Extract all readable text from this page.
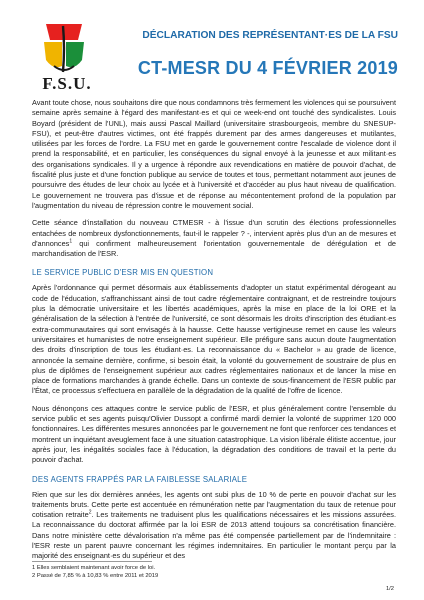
F.S.U.
DÉCLARATION DES REPRÉSENTANT·ES DE LA FSU
CT-MESR DU 4 FÉVRIER 2019

Avant toute chose, nous souhaitons dire que nous condamnons très fermement les violences qui se poursuivent semaine après semaine à l'égard des manifestant·es et qui ce week-end ont touché des syndicalistes. Louis Boyard (président de l'UNL), mais aussi Pascal Maillard (universitaire strasbourgeois, membre du SNESUP-FSU), et peut-être d'autres victimes, ont été frappés durement par des armes dangereuses et mutilantes, utilisées par les forces de l'ordre. La FSU met en garde le gouvernement contre l'escalade de violence dont il prend la responsabilité, et en particulier, les conséquences du signal envoyé à la jeunesse et aux militant·es des organisations syndicales. Il y a urgence à répondre aux revendications en matière de pouvoir d'achat, de fiscalité plus juste et d'une fonction publique au service de toutes et tous, permettant notamment aux jeunes de poursuivre des études de leur choix au lycée et à l'université et d'accéder au plus haut niveau de qualification. Le gouvernement ne trouvera pas d'issue et de réponse au mécontentement profond de la population par l'augmentation du niveau de répression contre le mouvement social.

Cette séance d'installation du nouveau CTMESR - à l'issue d'un scrutin des élections professionnelles entachées de nombreux dysfonctionnements, faut-il le rappeler ? -, intervient après plus d'un an de mesures et d'annonces$^1$ qui confirment malheureusement l'orientation gouvernementale de dérégulation et de marchandisation de l'ESR.

LE SERVICE PUBLIC D'ESR MIS EN QUESTION

Après l'ordonnance qui permet désormais aux établissements d'adopter un statut expérimental dérogeant au code de l'éducation, s'affranchissant ainsi de tout cadre réglementaire contraignant, et de restreindre toujours plus la démocratie universitaire et les libertés académiques, après la mise en place de la loi ORE et la généralisation de la sélection à l'entrée de l'université, ce sont désormais les droits d'inscription des étudiant·es extra-communautaires qui sont envisagés à la hausse. Cette hausse vertigineuse remet en cause les valeurs universitaires et humanistes de notre enseignement supérieur. Elle préfigure sans aucun doute l'augmentation des droits d'inscription de tous les étudiant·es. La reconnaissance du « Bachelor » au grade de licence, annoncée la semaine dernière, confirme, si besoin était, la volonté du gouvernement de soustraire de plus en plus de diplômes de l'enseignement supérieur aux cadres réglementaires nationaux et de lancer la mise en place de formations marchandes à grande échelle. Dans un contexte de sous-financement de l'ESR public par l'État, ce processus s'effectuera en parallèle de la dégradation de la qualité de l'offre de licence.

Nous dénonçons ces attaques contre le service public de l'ESR, et plus généralement contre l'ensemble du service public et ses agents puisqu'Olivier Dussopt a confirmé mardi dernier la volonté de supprimer 120 000 fonctionnaires. Les différentes mesures annoncées par le gouvernement ne font que renforcer ces tendances et montrent un inquiétant aveuglement face à une situation catastrophique. La vision libérale élitiste accentue, jour après jour, les inégalités sociales face à l'éducation, la dégradation des conditions de travail et la perte du pouvoir d'achat.

DES AGENTS FRAPPÉS PAR LA FAIBLESSE SALARIALE

Rien que sur les dix dernières années, les agents ont subi plus de 10 % de perte en pouvoir d'achat sur les traitements bruts. Cette perte est accentuée en rémunération nette par l'augmentation du taux de retenue pour cotisation retraite$^2$. Les traitements ne traduisent plus les qualifications nécessaires et les missions assurées. La reconnaissance du doctorat affirmée par la loi ESR de 2013 attend toujours sa concrétisation financière. Dans notre ministère cette dévalorisation n'a même pas été compensée partiellement par de l'indemnitaire : l'ESR reste un parent pauvre concernant les régimes indemnitaires. En particulier le montant perçu par la majorité des enseignant·es du supérieur et des

1 Elles semblaient maintenant avoir force de loi.

2 Passé de 7,85 % à 10,83 % entre 2011 et 2019

1/2
